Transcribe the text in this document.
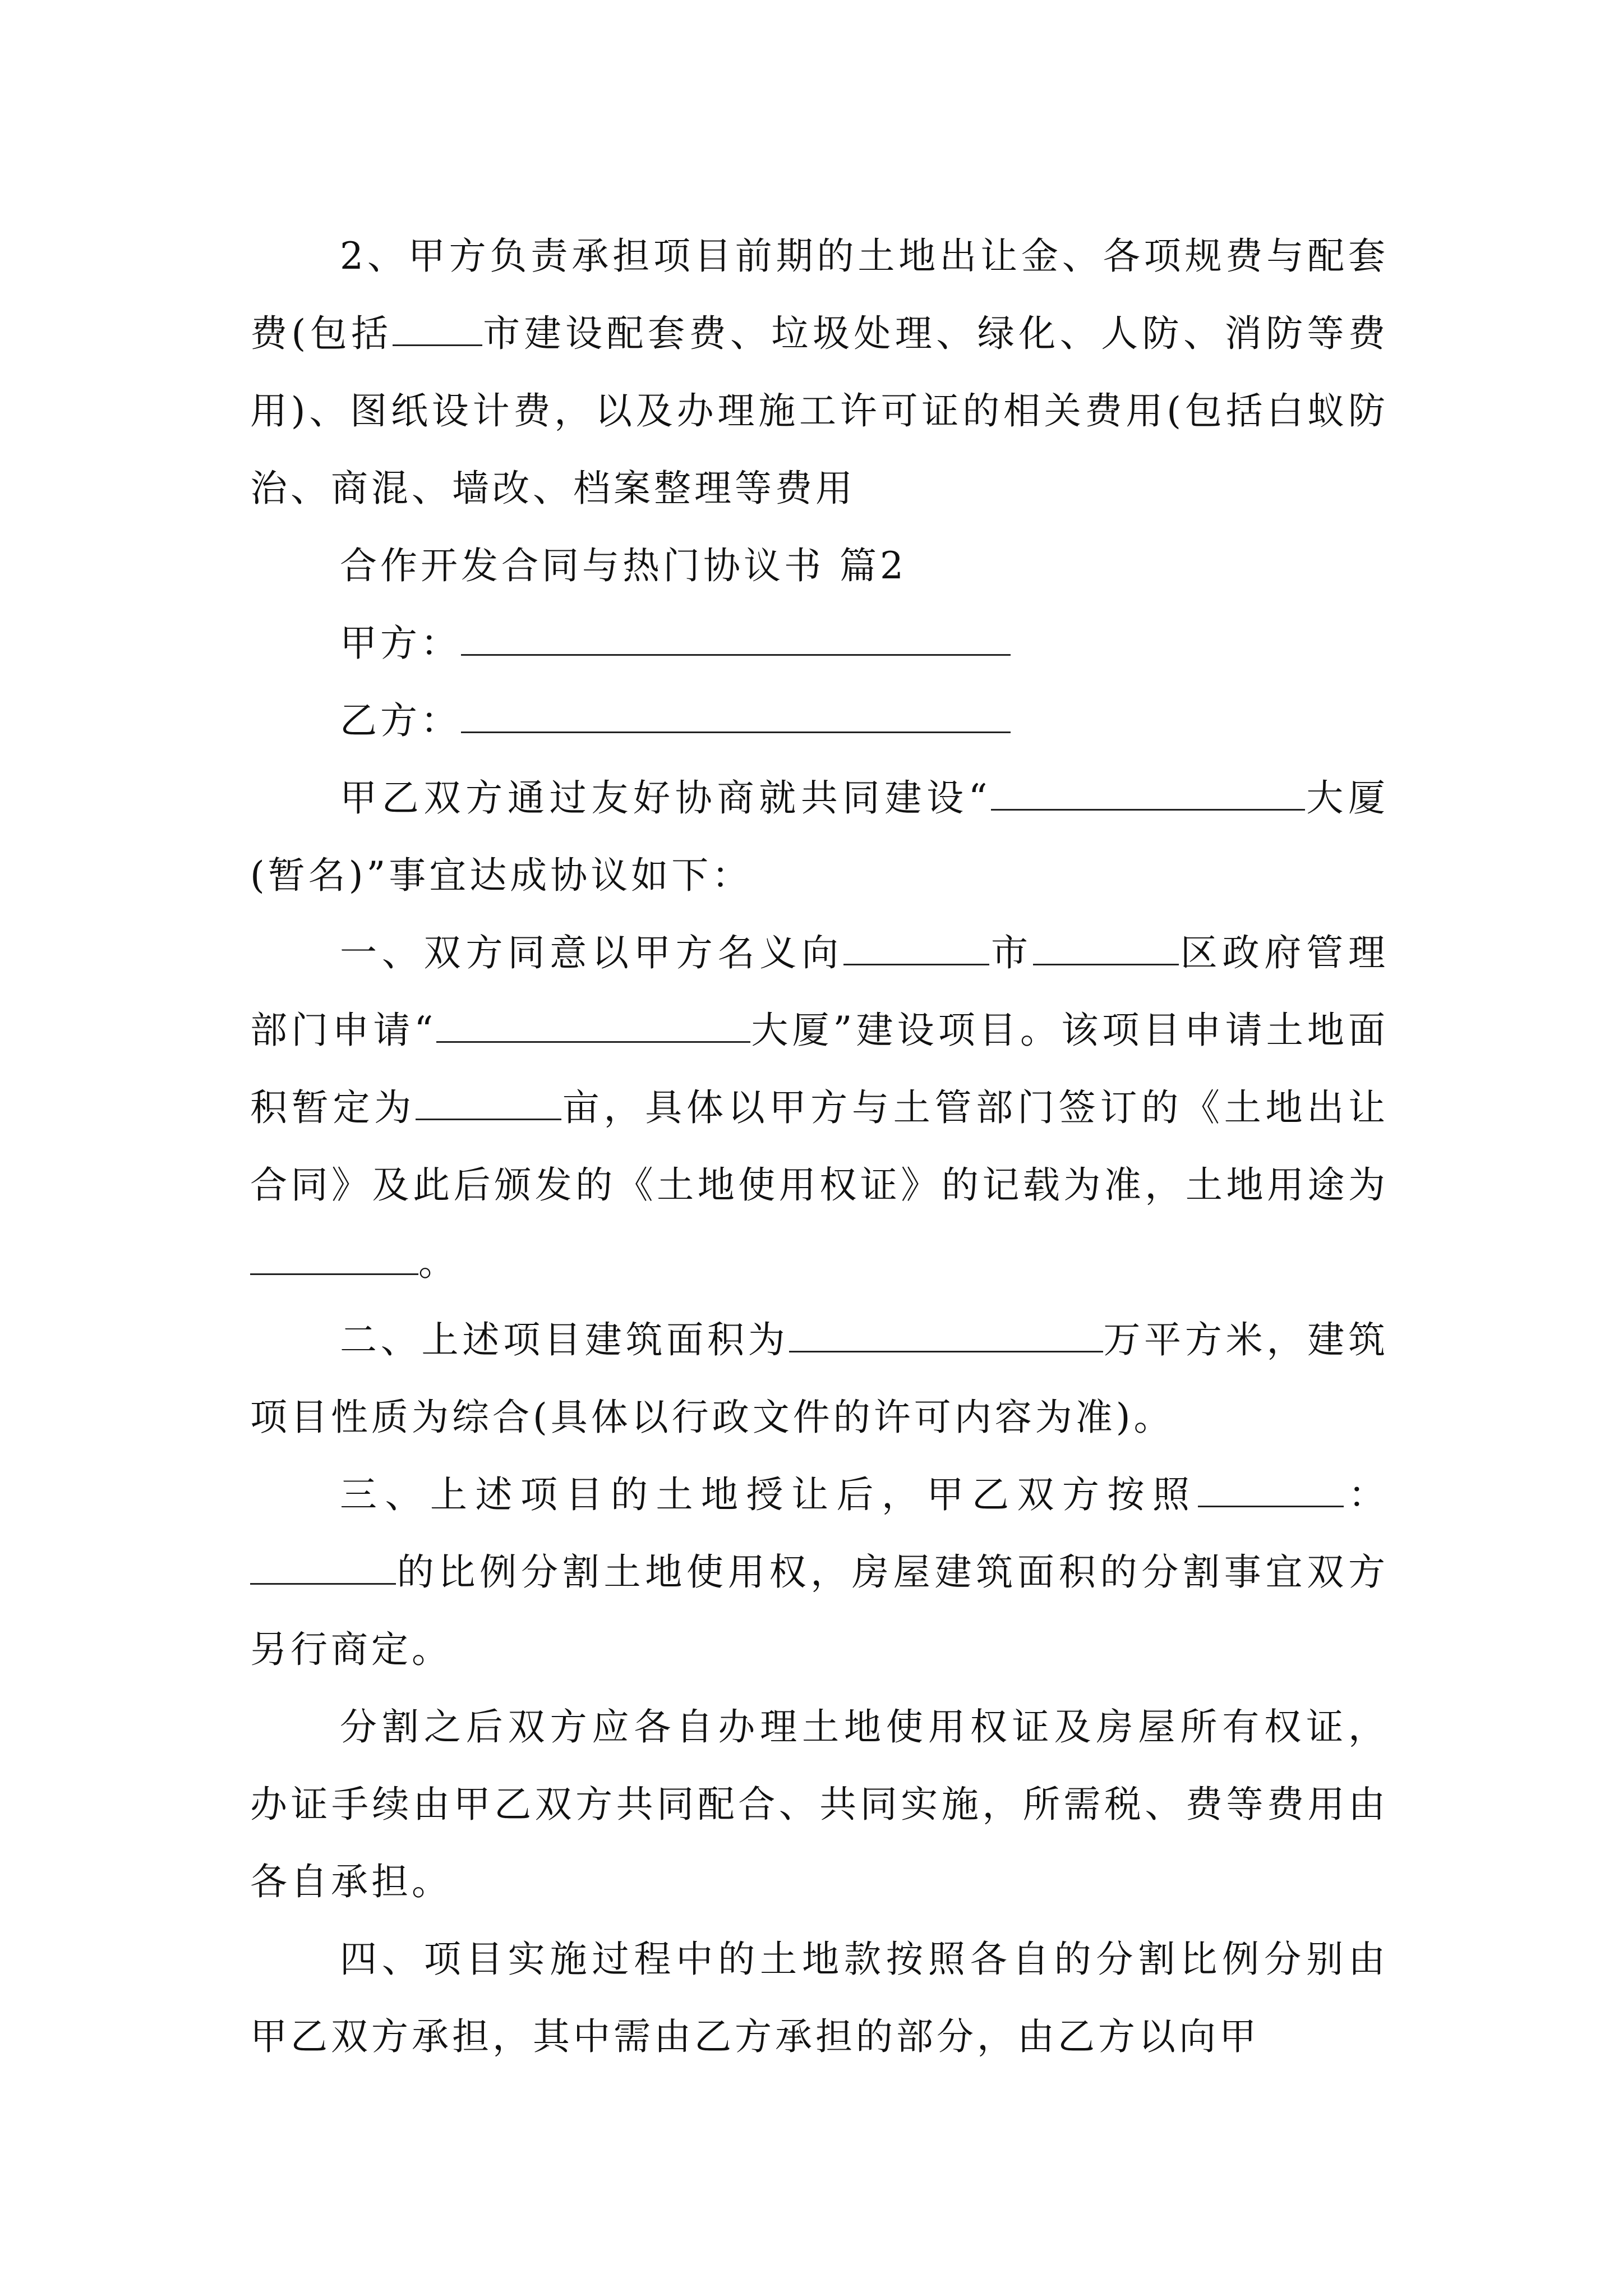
2、甲方负责承担项目前期的土地出让金、各项规费与配套费(包括 市建设配套费、垃圾处理、绿化、人防、消防等费用)、图纸设计费，以及办理施工许可证的相关费用(包括白蚁防治、商混、墙改、档案整理等费用

合作开发合同与热门协议书 篇2

甲方：

乙方：

甲乙双方通过友好协商就共同建设“	大厦(暂名)”事宜达成协议如下：

一、双方同意以甲方名义向	市	区政府管理部门申请“	大厦”建设项目。该项目申请土地面积暂定为	亩，具体以甲方与土管部门签订的《土地出让合同》及此后颁发的《土地使用权证》的记载为准，土地用途为。

二、上述项目建筑面积为	万平方米，建筑项目性质为综合(具体以行政文件的许可内容为准)。

三、上述项目的土地授让后，甲乙双方按照	：的比例分割土地使用权，房屋建筑面积的分割事宜双方另行商定。

分割之后双方应各自办理土地使用权证及房屋所有权证，办证手续由甲乙双方共同配合、共同实施，所需税、费等费用由各自承担。

四、项目实施过程中的土地款按照各自的分割比例分别由甲乙双方承担，其中需由乙方承担的部分，由乙方以向甲
